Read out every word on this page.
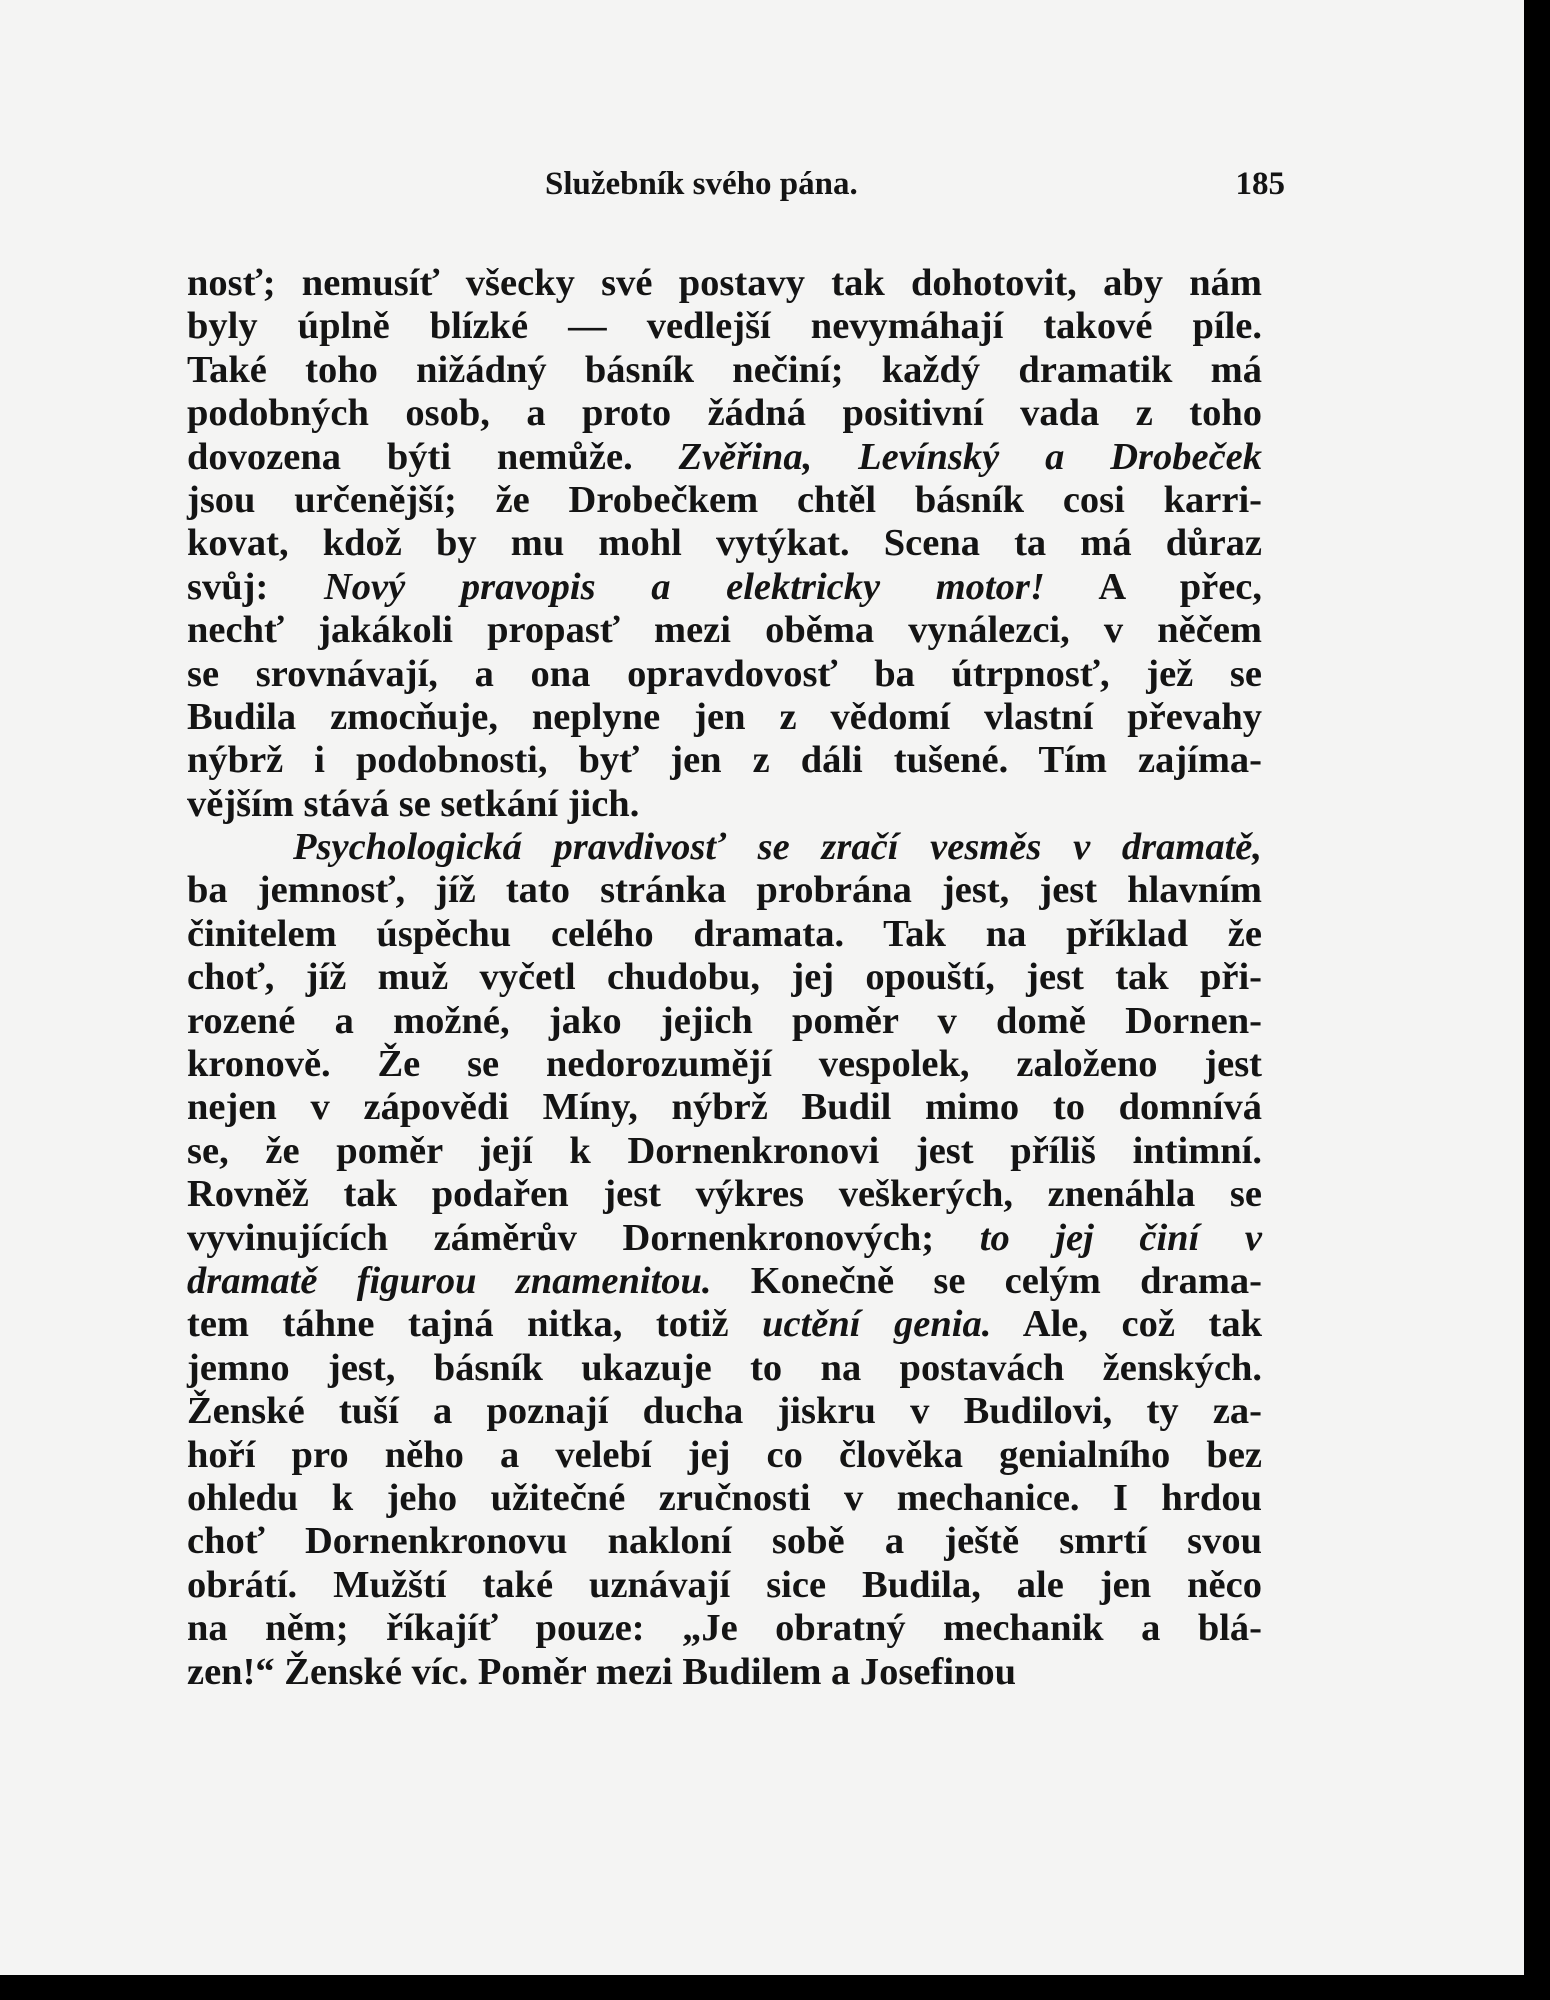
Služebník svého pána.	185
nosť; nemusíť všecky své postavy tak dohotovit, aby nám
byly úplně blízké — vedlejší nevymáhají takové píle.
Také toho nižádný básník nečiní; každý dramatik má
podobných osob, a proto žádná positivní vada z toho
dovozena býti nemůže. Zvěřina, Levínský a Drobeček
jsou určenější; že Drobečkem chtěl básník cosi karri-
kovat, kdož by mu mohl vytýkat. Scena ta má důraz
svůj: Nový pravopis a elektricky motor! A přec,
nechť jakákoli propasť mezi oběma vynálezci, v něčem
se srovnávají, a ona opravdovosť ba útrpnosť, jež se
Budila zmocňuje, neplyne jen z vědomí vlastní převahy
nýbrž i podobnosti, byť jen z dáli tušené. Tím zajíma-
vějším stává se setkání jich.
Psychologická pravdivosť se zračí vesměs v dramatě,
ba jemnosť, jíž tato stránka probrána jest, jest hlavním
činitelem úspěchu celého dramata. Tak na příklad že
choť, jíž muž vyčetl chudobu, jej opouští, jest tak při-
rozené a možné, jako jejich poměr v domě Dornen-
kronově. Že se nedorozumějí vespolek, založeno jest
nejen v zápovědi Míny, nýbrž Budil mimo to domnívá
se, že poměr její k Dornenkronovi jest příliš intimní.
Rovněž tak podařen jest výkres veškerých, znenáhla se
vyvinujících záměrův Dornenkronových; to jej činí v
dramatě figurou znamenitou. Konečně se celým drama-
tem táhne tajná nitka, totiž uctění genia. Ale, což tak
jemno jest, básník ukazuje to na postavách ženských.
Ženské tuší a poznají ducha jiskru v Budilovi, ty za-
hoří pro něho a velebí jej co člověka genialního bez
ohledu k jeho užitečné zručnosti v mechanice. I hrdou
choť Dornenkronovu nakloní sobě a ještě smrtí svou
obrátí. Mužští také uznávají sice Budila, ale jen něco
na něm; říkajíť pouze: „Je obratný mechanik a blá-
zen!“ Ženské víc. Poměr mezi Budilem a Josefinou
